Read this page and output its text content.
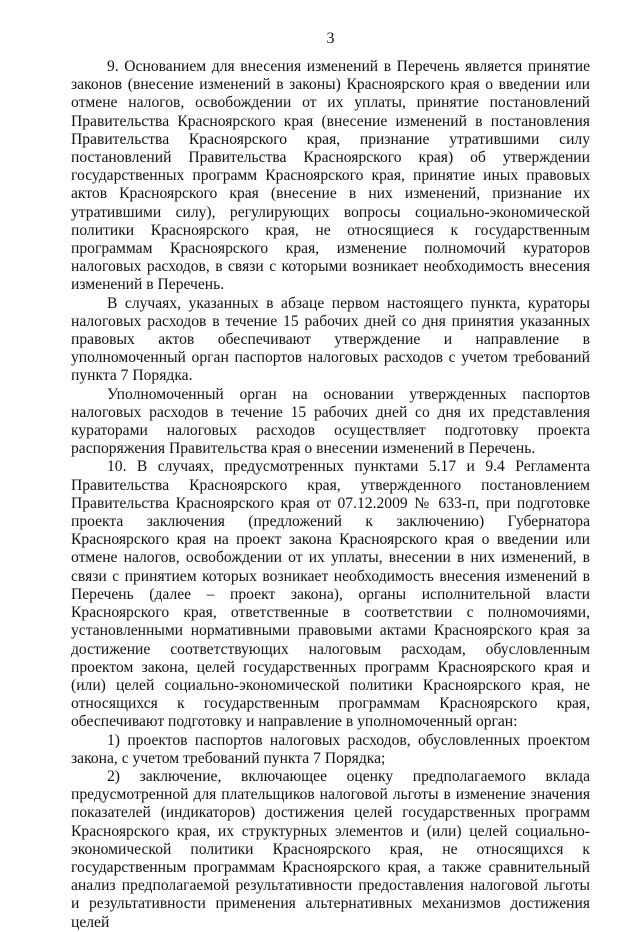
3

9. Основанием для внесения изменений в Перечень является принятие законов (внесение изменений в законы) Красноярского края о введении или отмене налогов, освобождении от их уплаты, принятие постановлений Правительства Красноярского края (внесение изменений в постановления Правительства Красноярского края, признание утратившими силу постановлений Правительства Красноярского края) об утверждении государственных программ Красноярского края, принятие иных правовых актов Красноярского края (внесение в них изменений, признание их утратившими силу), регулирующих вопросы социально-экономической политики Красноярского края, не относящиеся к государственным программам Красноярского края, изменение полномочий кураторов налоговых расходов, в связи с которыми возникает необходимость внесения изменений в Перечень.

В случаях, указанных в абзаце первом настоящего пункта, кураторы налоговых расходов в течение 15 рабочих дней со дня принятия указанных правовых актов обеспечивают утверждение и направление в уполномоченный орган паспортов налоговых расходов с учетом требований пункта 7 Порядка.

Уполномоченный орган на основании утвержденных паспортов налоговых расходов в течение 15 рабочих дней со дня их представления кураторами налоговых расходов осуществляет подготовку проекта распоряжения Правительства края о внесении изменений в Перечень.

10. В случаях, предусмотренных пунктами 5.17 и 9.4 Регламента Правительства Красноярского края, утвержденного постановлением Правительства Красноярского края от 07.12.2009 № 633-п, при подготовке проекта заключения (предложений к заключению) Губернатора Красноярского края на проект закона Красноярского края о введении или отмене налогов, освобождении от их уплаты, внесении в них изменений, в связи с принятием которых возникает необходимость внесения изменений в Перечень (далее – проект закона), органы исполнительной власти Красноярского края, ответственные в соответствии с полномочиями, установленными нормативными правовыми актами Красноярского края за достижение соответствующих налоговым расходам, обусловленным проектом закона, целей государственных программ Красноярского края и (или) целей социально-экономической политики Красноярского края, не относящихся к государственным программам Красноярского края, обеспечивают подготовку и направление в уполномоченный орган:

1) проектов паспортов налоговых расходов, обусловленных проектом закона, с учетом требований пункта 7 Порядка;

2) заключение, включающее оценку предполагаемого вклада предусмотренной для плательщиков налоговой льготы в изменение значения показателей (индикаторов) достижения целей государственных программ Красноярского края, их структурных элементов и (или) целей социально-экономической политики Красноярского края, не относящихся к государственным программам Красноярского края, а также сравнительный анализ предполагаемой результативности предоставления налоговой льготы и результативности применения альтернативных механизмов достижения целей
